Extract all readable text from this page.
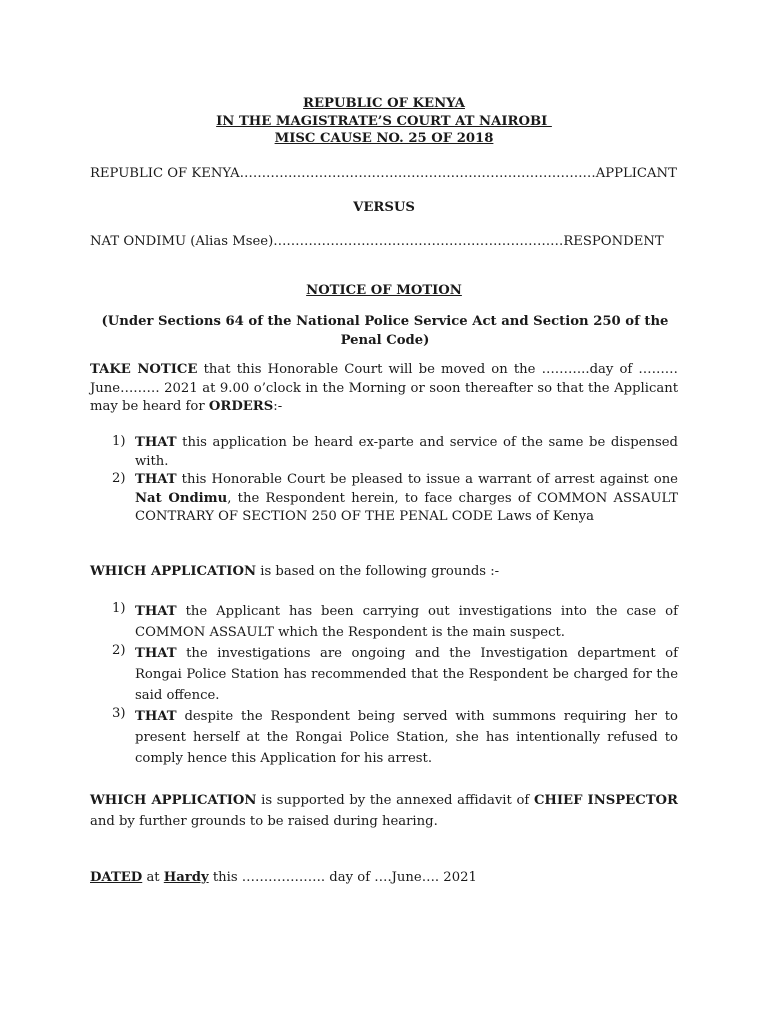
REPUBLIC OF KENYA
IN THE MAGISTRATE’S COURT AT NAIROBI
MISC CAUSE NO. 25 OF 2018
REPUBLIC OF KENYA………………………………………………………………………APPLICANT
VERSUS
NAT ONDIMU (Alias Msee)…………………………………………………………RESPONDENT
NOTICE OF MOTION
(Under Sections 64 of the National Police Service Act and Section 250 of the Penal Code)
TAKE NOTICE that this Honorable Court will be moved on the ………..day of ………June……… 2021 at 9.00 o’clock in the Morning or soon thereafter so that the Applicant may be heard for ORDERS:-
1) THAT this application be heard ex-parte and service of the same be dispensed with.
2) THAT this Honorable Court be pleased to issue a warrant of arrest against one Nat Ondimu, the Respondent herein, to face charges of COMMON ASSAULT CONTRARY OF SECTION 250 OF THE PENAL CODE Laws of Kenya
WHICH APPLICATION is based on the following grounds :-
1) THAT the Applicant has been carrying out investigations into the case of COMMON ASSAULT which the Respondent is the main suspect.
2) THAT the investigations are ongoing and the Investigation department of Rongai Police Station has recommended that the Respondent be charged for the said offence.
3) THAT despite the Respondent being served with summons requiring her to present herself at the Rongai Police Station, she has intentionally refused to comply hence this Application for his arrest.
WHICH APPLICATION is supported by the annexed affidavit of CHIEF INSPECTOR and by further grounds to be raised during hearing.
DATED at Hardy this ………………. day of ….June…. 2021
